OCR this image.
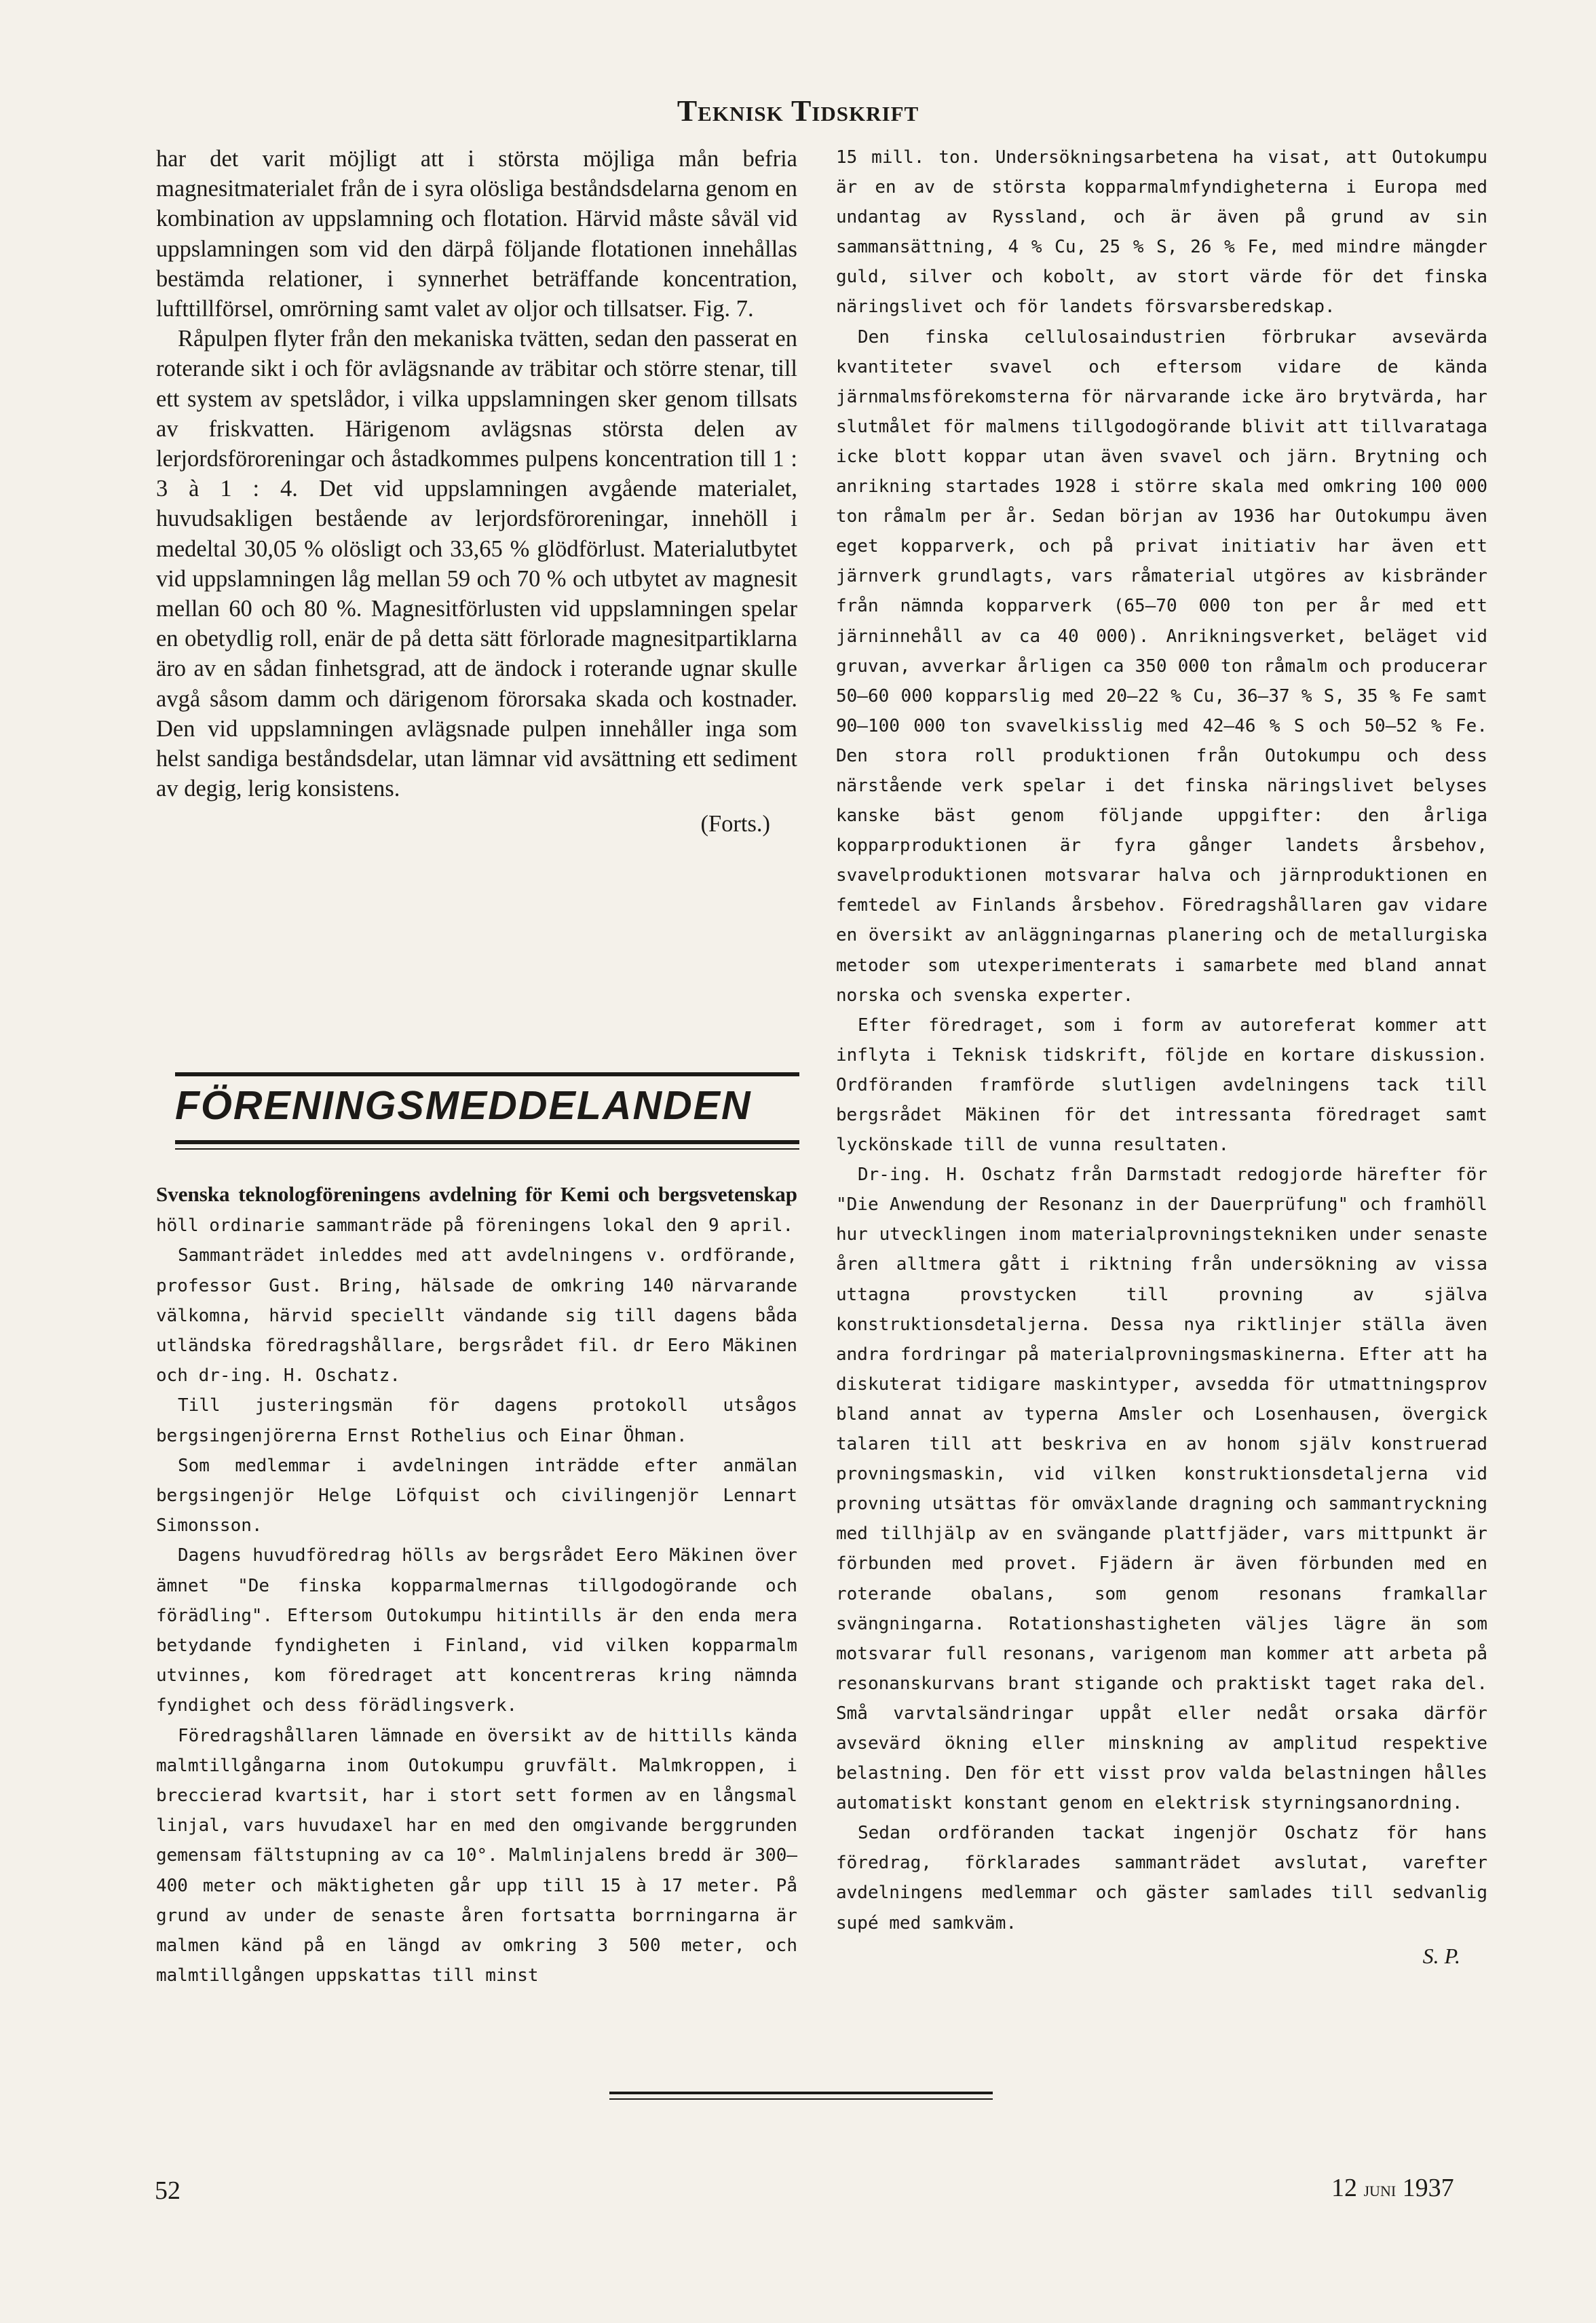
Teknisk Tidskrift

har det varit möjligt att i största möjliga mån befria magnesitmaterialet från de i syra olösliga beståndsdelarna genom en kombination av uppslamning och flotation. Härvid måste såväl vid uppslamningen som vid den därpå följande flotationen innehållas bestämda relationer, i synnerhet beträffande koncentration, lufttillförsel, omrörning samt valet av oljor och tillsatser. Fig. 7.

Råpulpen flyter från den mekaniska tvätten, sedan den passerat en roterande sikt i och för avlägsnande av träbitar och större stenar, till ett system av spetslådor, i vilka uppslamningen sker genom tillsats av friskvatten. Härigenom avlägsnas största delen av lerjordsföroreningar och åstadkommes pulpens koncentration till 1 : 3 à 1 : 4. Det vid uppslamningen avgående materialet, huvudsakligen bestående av lerjordsföroreningar, innehöll i medeltal 30,05 % olösligt och 33,65 % glödförlust. Materialutbytet vid uppslamningen låg mellan 59 och 70 % och utbytet av magnesit mellan 60 och 80 %. Magnesitförlusten vid uppslamningen spelar en obetydlig roll, enär de på detta sätt förlorade magnesitpartiklarna äro av en sådan finhetsgrad, att de ändock i roterande ugnar skulle avgå såsom damm och därigenom förorsaka skada och kostnader. Den vid uppslamningen avlägsnade pulpen innehåller inga som helst sandiga beståndsdelar, utan lämnar vid avsättning ett sediment av degig, lerig konsistens.

(Forts.)
FÖRENINGSMEDDELANDEN

Svenska teknologföreningens avdelning för Kemi och bergsvetenskap höll ordinarie sammanträde på föreningens lokal den 9 april.

Sammanträdet inleddes med att avdelningens v. ordförande, professor Gust. Bring, hälsade de omkring 140 närvarande välkomna, härvid speciellt vändande sig till dagens båda utländska föredragshållare, bergsrådet fil. dr Eero Mäkinen och dr-ing. H. Oschatz.

Till justeringsmän för dagens protokoll utsågos bergsingenjörerna Ernst Rothelius och Einar Öhman.

Som medlemmar i avdelningen inträdde efter anmälan bergsingenjör Helge Löfquist och civilingenjör Lennart Simonsson.

Dagens huvudföredrag hölls av bergsrådet Eero Mäkinen över ämnet "De finska kopparmalmernas tillgodogörande och förädling". Eftersom Outokumpu hitintills är den enda mera betydande fyndigheten i Finland, vid vilken kopparmalm utvinnes, kom föredraget att koncentreras kring nämnda fyndighet och dess förädlingsverk.

Föredragshållaren lämnade en översikt av de hittills kända malmtillgångarna inom Outokumpu gruvfält. Malmkroppen, i breccierad kvartsit, har i stort sett formen av en långsmal linjal, vars huvudaxel har en med den omgivande berggrunden gemensam fältstupning av ca 10°. Malmlinjalens bredd är 300—400 meter och mäktigheten går upp till 15 à 17 meter. På grund av under de senaste åren fortsatta borrningarna är malmen känd på en längd av omkring 3 500 meter, och malmtillgången uppskattas till minst

15 mill. ton. Undersökningsarbetena ha visat, att Outokumpu är en av de största kopparmalmfyndigheterna i Europa med undantag av Ryssland, och är även på grund av sin sammansättning, 4 % Cu, 25 % S, 26 % Fe, med mindre mängder guld, silver och kobolt, av stort värde för det finska näringslivet och för landets försvarsberedskap.

Den finska cellulosaindustrien förbrukar avsevärda kvantiteter svavel och eftersom vidare de kända järnmalmsförekomsterna för närvarande icke äro brytvärda, har slutmålet för malmens tillgodogörande blivit att tillvarataga icke blott koppar utan även svavel och järn. Brytning och anrikning startades 1928 i större skala med omkring 100 000 ton råmalm per år. Sedan början av 1936 har Outokumpu även eget kopparverk, och på privat initiativ har även ett järnverk grundlagts, vars råmaterial utgöres av kisbränder från nämnda kopparverk (65—70 000 ton per år med ett järninnehåll av ca 40 000). Anrikningsverket, beläget vid gruvan, avverkar årligen ca 350 000 ton råmalm och producerar 50—60 000 kopparslig med 20—22 % Cu, 36—37 % S, 35 % Fe samt 90—100 000 ton svavelkisslig med 42—46 % S och 50—52 % Fe. Den stora roll produktionen från Outokumpu och dess närstående verk spelar i det finska näringslivet belyses kanske bäst genom följande uppgifter: den årliga kopparproduktionen är fyra gånger landets årsbehov, svavelproduktionen motsvarar halva och järnproduktionen en femtedel av Finlands årsbehov. Föredragshållaren gav vidare en översikt av anläggningarnas planering och de metallurgiska metoder som utexperimenterats i samarbete med bland annat norska och svenska experter.

Efter föredraget, som i form av autoreferat kommer att inflyta i Teknisk tidskrift, följde en kortare diskussion. Ordföranden framförde slutligen avdelningens tack till bergsrådet Mäkinen för det intressanta föredraget samt lyckönskade till de vunna resultaten.

Dr-ing. H. Oschatz från Darmstadt redogjorde härefter för "Die Anwendung der Resonanz in der Dauerprüfung" och framhöll hur utvecklingen inom materialprovningstekniken under senaste åren alltmera gått i riktning från undersökning av vissa uttagna provstycken till provning av själva konstruktionsdetaljerna. Dessa nya riktlinjer ställa även andra fordringar på materialprovningsmaskinerna. Efter att ha diskuterat tidigare maskintyper, avsedda för utmattningsprov bland annat av typerna Amsler och Losenhausen, övergick talaren till att beskriva en av honom själv konstruerad provningsmaskin, vid vilken konstruktionsdetaljerna vid provning utsättas för omväxlande dragning och sammantryckning med tillhjälp av en svängande plattfjäder, vars mittpunkt är förbunden med provet. Fjädern är även förbunden med en roterande obalans, som genom resonans framkallar svängningarna. Rotationshastigheten väljes lägre än som motsvarar full resonans, varigenom man kommer att arbeta på resonanskurvans brant stigande och praktiskt taget raka del. Små varvtalsändringar uppåt eller nedåt orsaka därför avsevärd ökning eller minskning av amplitud respektive belastning. Den för ett visst prov valda belastningen hålles automatiskt konstant genom en elektrisk styrningsanordning.

Sedan ordföranden tackat ingenjör Oschatz för hans föredrag, förklarades sammanträdet avslutat, varefter avdelningens medlemmar och gäster samlades till sedvanlig supé med samkväm.

S. P.
52	12 juni 1937
